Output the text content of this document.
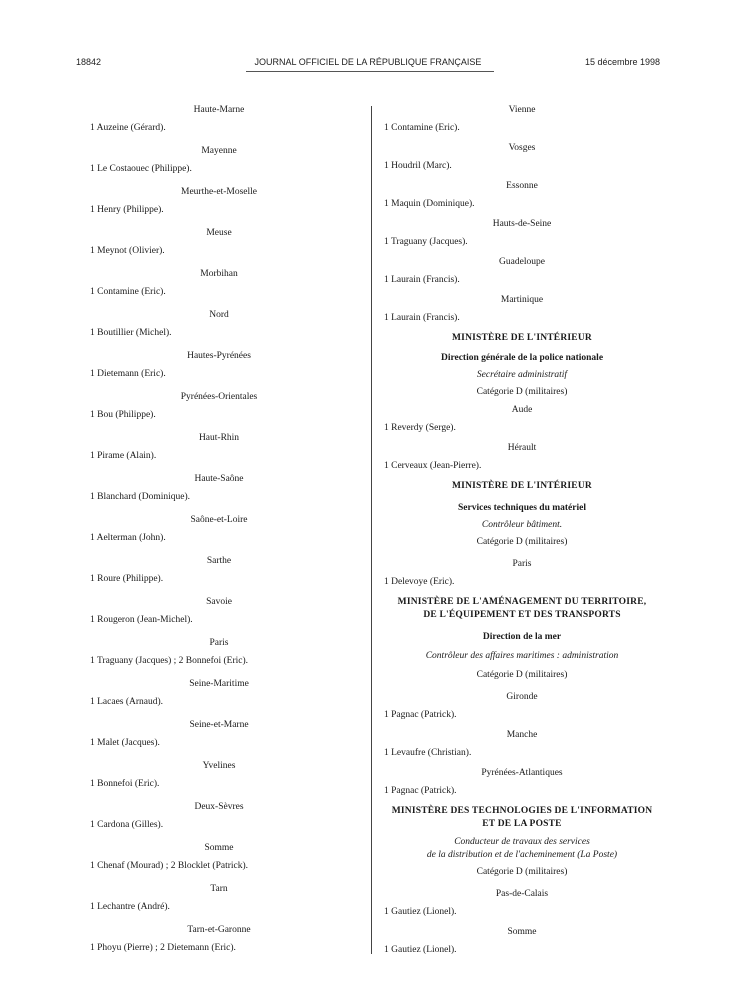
18842	JOURNAL OFFICIEL DE LA RÉPUBLIQUE FRANÇAISE	15 décembre 1998
Haute-Marne
1 Auzeine (Gérard).
Mayenne
1 Le Costaouec (Philippe).
Meurthe-et-Moselle
1 Henry (Philippe).
Meuse
1 Meynot (Olivier).
Morbihan
1 Contamine (Eric).
Nord
1 Boutillier (Michel).
Hautes-Pyrénées
1 Dietemann (Eric).
Pyrénées-Orientales
1 Bou (Philippe).
Haut-Rhin
1 Pirame (Alain).
Haute-Saône
1 Blanchard (Dominique).
Saône-et-Loire
1 Aelterman (John).
Sarthe
1 Roure (Philippe).
Savoie
1 Rougeron (Jean-Michel).
Paris
1 Traguany (Jacques) ; 2 Bonnefoi (Eric).
Seine-Maritime
1 Lacaes (Arnaud).
Seine-et-Marne
1 Malet (Jacques).
Yvelines
1 Bonnefoi (Eric).
Deux-Sèvres
1 Cardona (Gilles).
Somme
1 Chenaf (Mourad) ; 2 Blocklet (Patrick).
Tarn
1 Lechantre (André).
Tarn-et-Garonne
1 Phoyu (Pierre) ; 2 Dietemann (Eric).
Vienne
1 Contamine (Eric).
Vosges
1 Houdril (Marc).
Essonne
1 Maquin (Dominique).
Hauts-de-Seine
1 Traguany (Jacques).
Guadeloupe
1 Laurain (Francis).
Martinique
1 Laurain (Francis).
MINISTÈRE DE L'INTÉRIEUR
Direction générale de la police nationale
Secrétaire administratif
Catégorie D (militaires)
Aude
1 Reverdy (Serge).
Hérault
1 Cerveaux (Jean-Pierre).
MINISTÈRE DE L'INTÉRIEUR
Services techniques du matériel
Contrôleur bâtiment.
Catégorie D (militaires)
Paris
1 Delevoye (Eric).
MINISTÈRE DE L'AMÉNAGEMENT DU TERRITOIRE,
DE L'ÉQUIPEMENT ET DES TRANSPORTS
Direction de la mer
Contrôleur des affaires maritimes : administration
Catégorie D (militaires)
Gironde
1 Pagnac (Patrick).
Manche
1 Levaufre (Christian).
Pyrénées-Atlantiques
1 Pagnac (Patrick).
MINISTÈRE DES TECHNOLOGIES DE L'INFORMATION
ET DE LA POSTE
Conducteur de travaux des services
de la distribution et de l'acheminement (La Poste)
Catégorie D (militaires)
Pas-de-Calais
1 Gautiez (Lionel).
Somme
1 Gautiez (Lionel).
